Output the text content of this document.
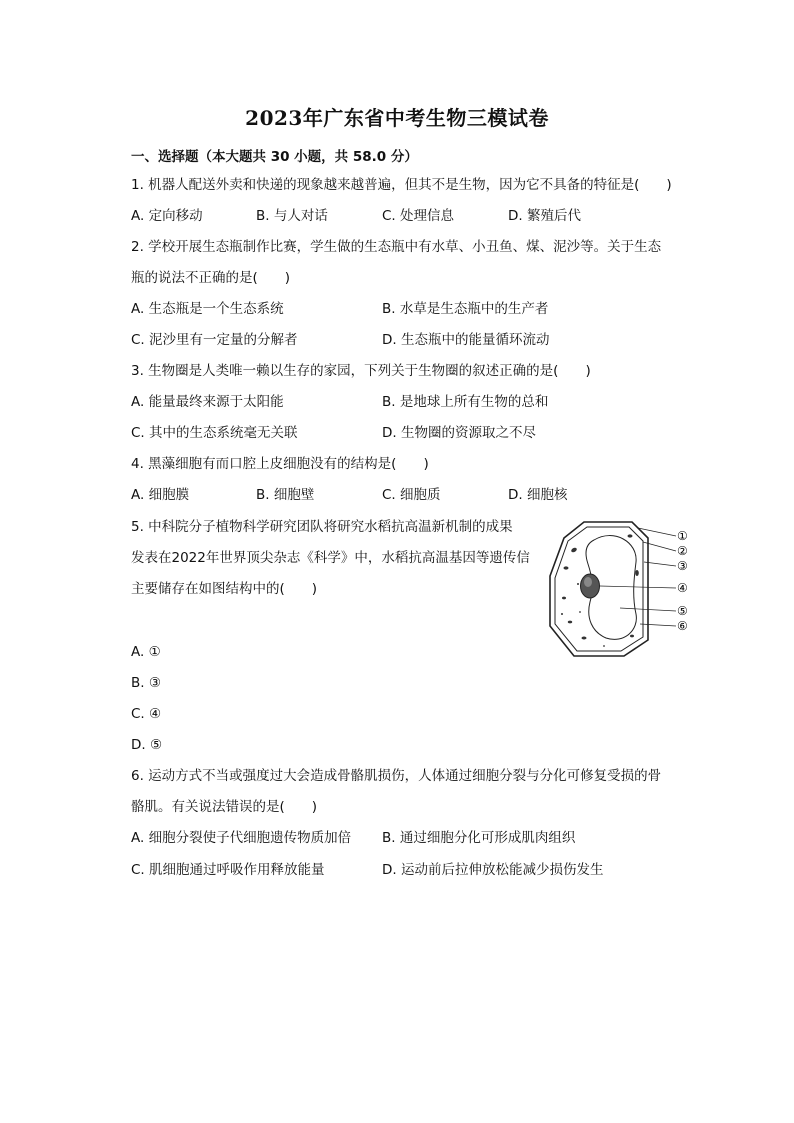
2023年广东省中考生物三模试卷
一、选择题（本大题共 30 小题，共 58.0 分）
1. 机器人配送外卖和快递的现象越来越普遍，但其不是生物，因为它不具备的特征是(　　)
A. 定向移动	B. 与人对话	C. 处理信息	D. 繁殖后代
2. 学校开展生态瓶制作比赛，学生做的生态瓶中有水草、小丑鱼、煤、泥沙等。关于生态
瓶的说法不正确的是(　　)
A. 生态瓶是一个生态系统	B. 水草是生态瓶中的生产者
C. 泥沙里有一定量的分解者	D. 生态瓶中的能量循环流动
3. 生物圈是人类唯一赖以生存的家园，下列关于生物圈的叙述正确的是(　　)
A. 能量最终来源于太阳能	B. 是地球上所有生物的总和
C. 其中的生态系统毫无关联	D. 生物圈的资源取之不尽
4. 黑藻细胞有而口腔上皮细胞没有的结构是(　　)
A. 细胞膜	B. 细胞壁	C. 细胞质	D. 细胞核
5. 中科院分子植物科学研究团队将研究水稻抗高温新机制的成果
发表在2022年世界顶尖杂志《科学》中，水稻抗高温基因等遗传信
主要储存在如图结构中的(　　)
A. ①
B. ③
C. ④
D. ⑤
①
②
③
④
⑤
⑥
6. 运动方式不当或强度过大会造成骨骼肌损伤，人体通过细胞分裂与分化可修复受损的骨
骼肌。有关说法错误的是(　　)
A. 细胞分裂使子代细胞遗传物质加倍 B. 通过细胞分化可形成肌肉组织
C. 肌细胞通过呼吸作用释放能量	D. 运动前后拉伸放松能减少损伤发生
